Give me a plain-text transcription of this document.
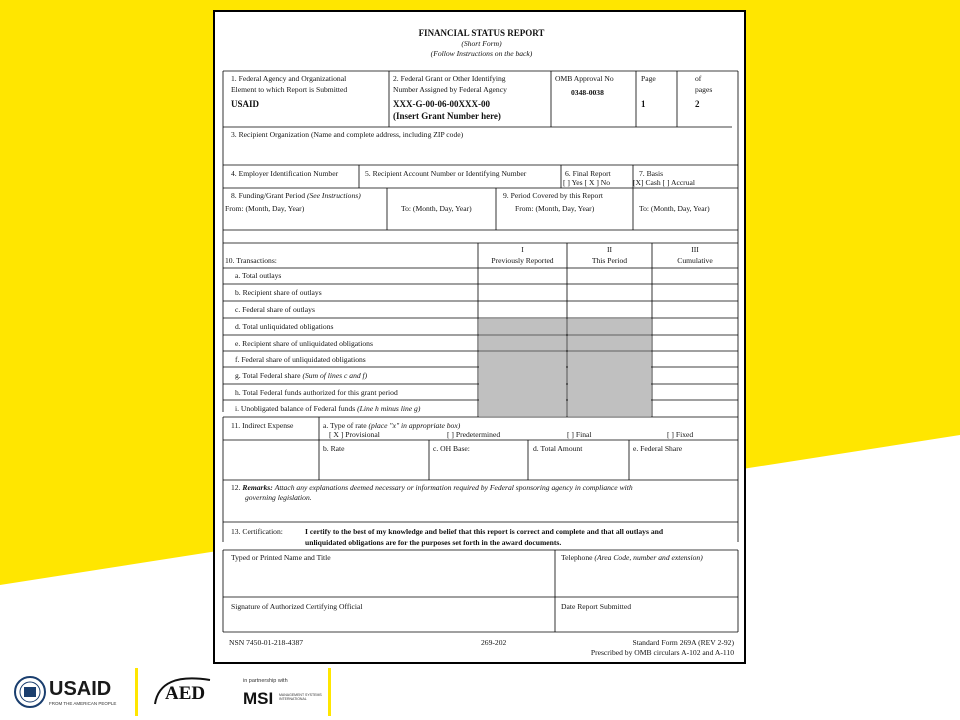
FINANCIAL STATUS REPORT
(Short Form)
(Follow Instructions on the back)
1. Federal Agency and Organizational
Element to which Report is Submitted
USAID
2. Federal Grant or Other Identifying
Number Assigned by Federal Agency
XXX-G-00-06-00XXX-00
(Insert Grant Number here)
OMB Approval No
0348-0038
Page
1
of
pages
2
3. Recipient Organization (Name and complete address, including ZIP code)
4. Employer Identification Number	5. Recipient Account Number or Identifying Number	6. Final Report
[ ] Yes [ X ] No
7. Basis
[X] Cash [ ] Accrual
8. Funding/Grant Period (See Instructions)
From: (Month, Day, Year)	To: (Month, Day, Year)
9. Period Covered by this Report
From: (Month, Day, Year)	To: (Month, Day, Year)
10. Transactions:
I
Previously Reported
II
This Period
III
Cumulative
a. Total outlays
b. Recipient share of outlays
c. Federal share of outlays
d. Total unliquidated obligations
e. Recipient share of unliquidated obligations
f. Federal share of unliquidated obligations
g. Total Federal share (Sum of lines c and f)
h. Total Federal funds authorized for this grant period
i. Unobligated balance of Federal funds (Line h minus line g)
11. Indirect Expense	a. Type of rate (place "x" in appropriate box)
[ X ] Provisional	[ ] Predetermined	[ ] Final	[ ] Fixed
b. Rate	c. OH Base:	d. Total Amount	e. Federal Share
12. Remarks: Attach any explanations deemed necessary or information required by Federal sponsoring agency in compliance with
governing legislation.
13. Certification:	I certify to the best of my knowledge and belief that this report is correct and complete and that all outlays and
unliquidated obligations are for the purposes set forth in the award documents.
Typed or Printed Name and Title	Telephone (Area Code, number and extension)
Signature of Authorized Certifying Official	Date Report Submitted
NSN 7450-01-218-4387	269-202	Standard Form 269A (REV 2-92)
Prescribed by OMB circulars A-102 and A-110
USAID
FROM THE AMERICAN PEOPLE	AED
in partnership with
MSI MANAGEMENT SYSTEMS INTERNATIONAL
